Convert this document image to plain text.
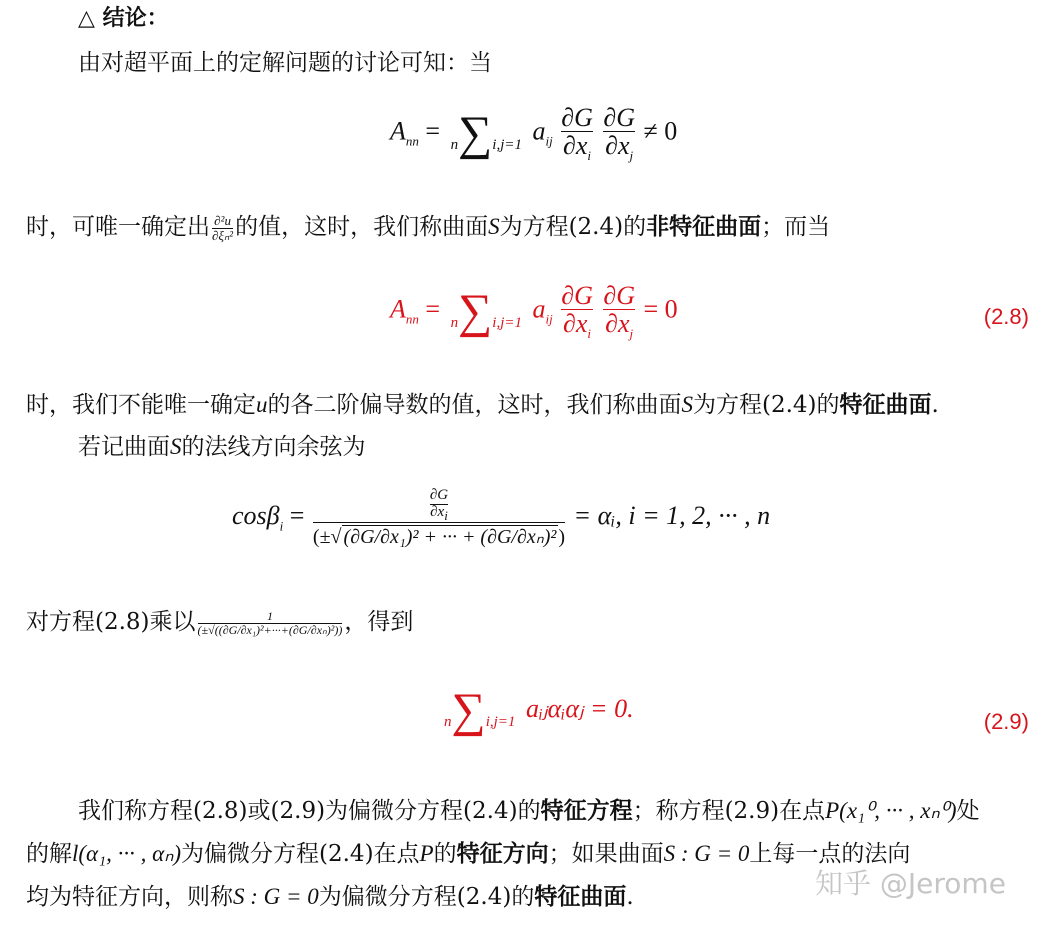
△ 结论：
由对超平面上的定解问题的讨论可知：当
$A_{nn} = n\sum i,j=1$ $a_{ij} \frac{\partial G}{\partial x_i}$
$\frac{\partial G}{\partial x_j} \ne 0$
时，可唯一确定出 $\frac{\text{∂²u}}{\text{∂ξₙ²}}$ 的值，这时，我们称曲面S为方程(2.4)的非特征曲面；而当
$A_{nn} = n\sum i,j=1$ $a_{ij} \frac{\partial G}{\partial x_i}$
$\frac{\partial G}{\partial x_j} = 0$	(2.8)
时，我们不能唯一确定u的各二阶偏导数的值，这时，我们称曲面S为方程(2.4)的特征曲面.
若记曲面S的法线方向余弦为
$\cos\beta_i = \frac{\frac{\partial G}{\partial x_i}}{\text{(±√ (∂G/∂x₁)² + ··· + (∂G/∂xₙ)² )}}$ = αᵢ, i = 1, 2, ··· , n
对方程(2.8)乘以 $\frac{1}{\text{(±√((∂G/∂x₁)²+···+(∂G/∂xₙ)²))}}$ ，得到
n∑i,j=1 aᵢⱼαᵢαⱼ = 0.	(2.9)
我们称方程(2.8)或(2.9)为偏微分方程(2.4)的特征方程；称方程(2.9)在点P(x₁⁰, ··· , xₙ⁰)处
的解l(α₁, ··· , αₙ)为偏微分方程(2.4)在点P的特征方向；如果曲面S : G = 0上每一点的法向
均为特征方向，则称S : G = 0为偏微分方程(2.4)的特征曲面.	知乎 @Jerome
